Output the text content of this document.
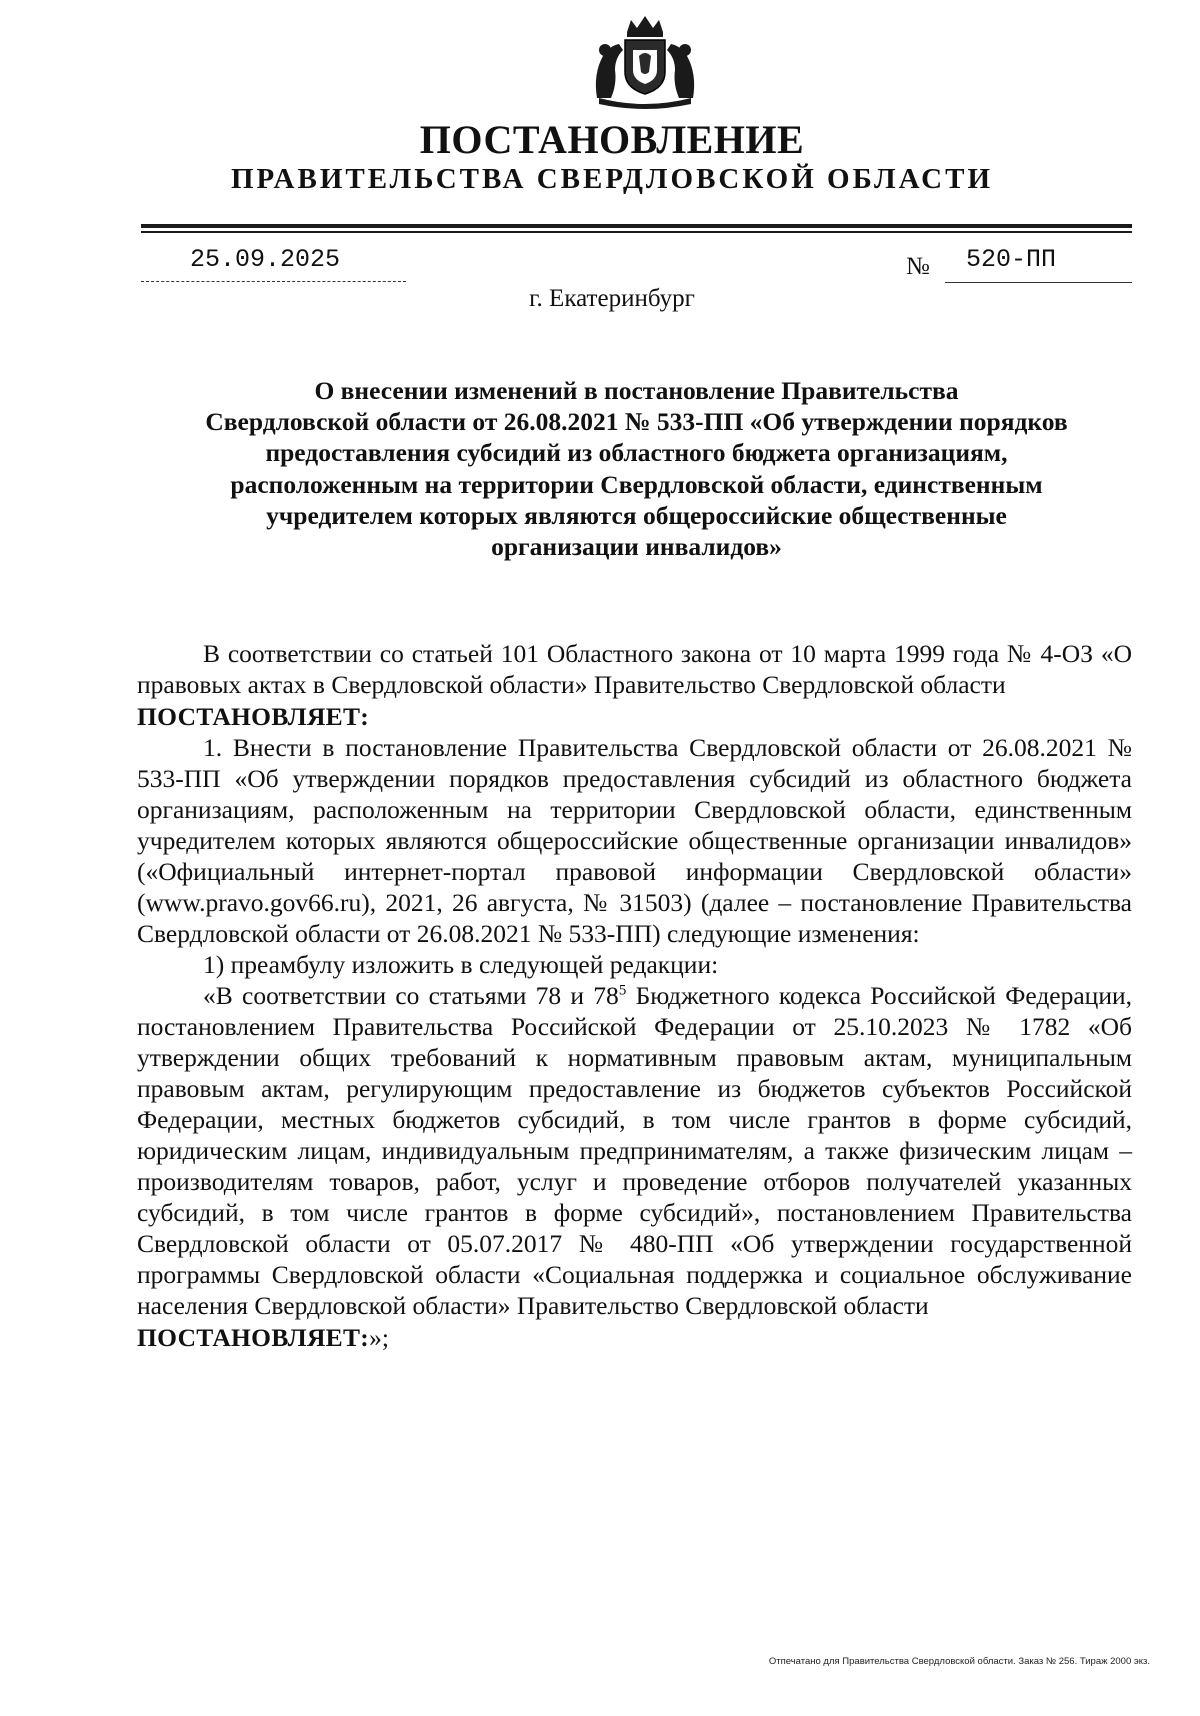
ПОСТАНОВЛЕНИЕ
ПРАВИТЕЛЬСТВА СВЕРДЛОВСКОЙ ОБЛАСТИ
25.09.2025	№ 520-ПП
г. Екатеринбург
О внесении изменений в постановление Правительства
Свердловской области от 26.08.2021 № 533-ПП «Об утверждении порядков
предоставления субсидий из областного бюджета организациям,
расположенным на территории Свердловской области, единственным
учредителем которых являются общероссийские общественные
организации инвалидов»

В соответствии со статьей 101 Областного закона от 10 марта 1999 года № 4-ОЗ «О правовых актах в Свердловской области» Правительство Свердловской области

ПОСТАНОВЛЯЕТ:

1. Внести в постановление Правительства Свердловской области от 26.08.2021 № 533-ПП «Об утверждении порядков предоставления субсидий из областного бюджета организациям, расположенным на территории Свердловской области, единственным учредителем которых являются общероссийские общественные организации инвалидов» («Официальный интернет-портал правовой информации Свердловской области» (www.pravo.gov66.ru), 2021, 26 августа, № 31503) (далее – постановление Правительства Свердловской области от 26.08.2021 № 533-ПП) следующие изменения:

1) преамбулу изложить в следующей редакции:

«В соответствии со статьями 78 и $78^5$ Бюджетного кодекса Российской Федерации, постановлением Правительства Российской Федерации от 25.10.2023 № 1782 «Об утверждении общих требований к нормативным правовым актам, муниципальным правовым актам, регулирующим предоставление из бюджетов субъектов Российской Федерации, местных бюджетов субсидий, в том числе грантов в форме субсидий, юридическим лицам, индивидуальным предпринимателям, а также физическим лицам – производителям товаров, работ, услуг и проведение отборов получателей указанных субсидий, в том числе грантов в форме субсидий», постановлением Правительства Свердловской области от 05.07.2017 № 480-ПП «Об утверждении государственной программы Свердловской области «Социальная поддержка и социальное обслуживание населения Свердловской области» Правительство Свердловской области

ПОСТАНОВЛЯЕТ:»;

Отпечатано для Правительства Свердловской области. Заказ № 256. Тираж 2000 экз.
